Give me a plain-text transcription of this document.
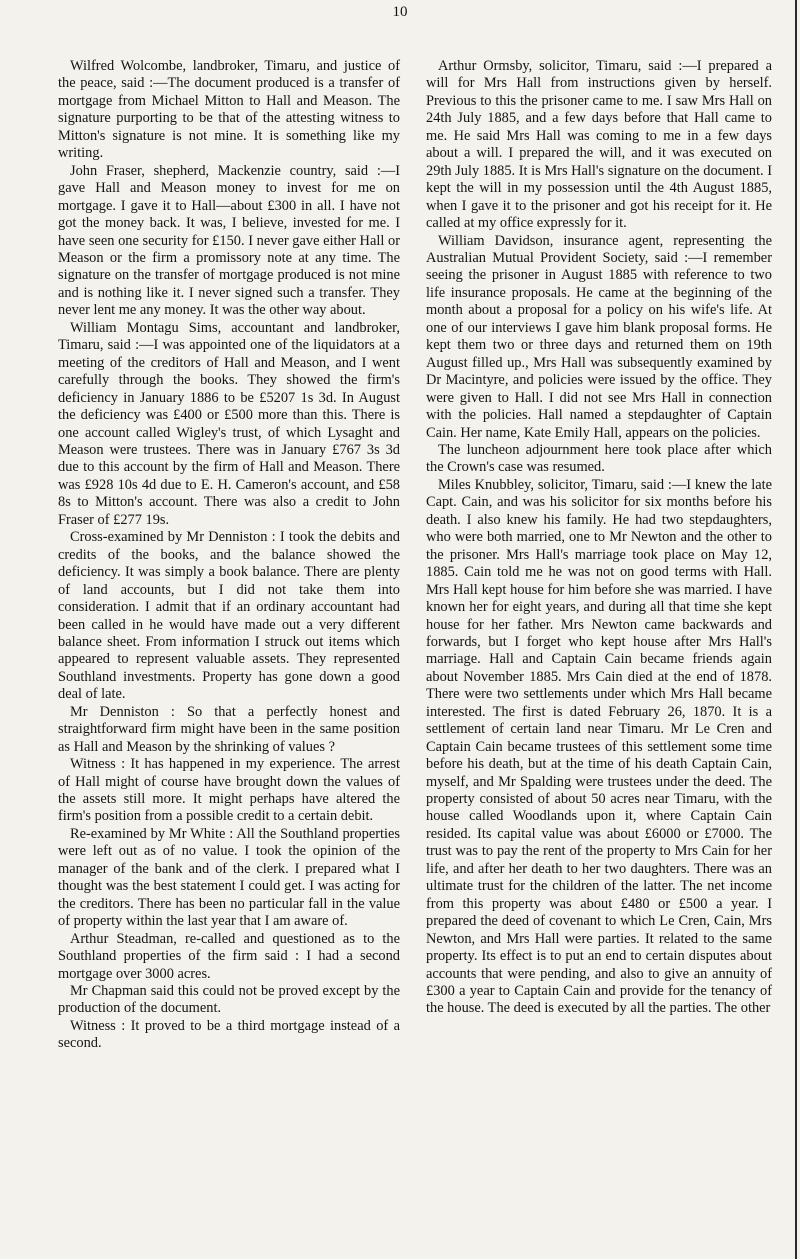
10

Wilfred Wolcombe, landbroker, Timaru, and justice of the peace, said :—The document produced is a transfer of mortgage from Michael Mitton to Hall and Meason. The signature purporting to be that of the attesting witness to Mitton's signature is not mine. It is something like my writing.

John Fraser, shepherd, Mackenzie country, said :—I gave Hall and Meason money to invest for me on mortgage. I gave it to Hall—about £300 in all. I have not got the money back. It was, I believe, invested for me. I have seen one security for £150. I never gave either Hall or Meason or the firm a promissory note at any time. The signature on the transfer of mortgage produced is not mine and is nothing like it. I never signed such a transfer. They never lent me any money. It was the other way about.

William Montagu Sims, accountant and landbroker, Timaru, said :—I was appointed one of the liquidators at a meeting of the creditors of Hall and Meason, and I went carefully through the books. They showed the firm's deficiency in January 1886 to be £5207 1s 3d. In August the deficiency was £400 or £500 more than this. There is one account called Wigley's trust, of which Lysaght and Meason were trustees. There was in January £767 3s 3d due to this account by the firm of Hall and Meason. There was £928 10s 4d due to E. H. Cameron's account, and £58 8s to Mitton's account. There was also a credit to John Fraser of £277 19s.

Cross-examined by Mr Denniston : I took the debits and credits of the books, and the balance showed the deficiency. It was simply a book balance. There are plenty of land accounts, but I did not take them into consideration. I admit that if an ordinary accountant had been called in he would have made out a very different balance sheet. From information I struck out items which appeared to represent valuable assets. They represented Southland investments. Property has gone down a good deal of late.

Mr Denniston : So that a perfectly honest and straightforward firm might have been in the same position as Hall and Meason by the shrinking of values ?

Witness : It has happened in my experience. The arrest of Hall might of course have brought down the values of the assets still more. It might perhaps have altered the firm's position from a possible credit to a certain debit.

Re-examined by Mr White : All the Southland properties were left out as of no value. I took the opinion of the manager of the bank and of the clerk. I prepared what I thought was the best statement I could get. I was acting for the creditors. There has been no particular fall in the value of property within the last year that I am aware of.

Arthur Steadman, re-called and questioned as to the Southland properties of the firm said : I had a second mortgage over 3000 acres.

Mr Chapman said this could not be proved except by the production of the document.

Witness : It proved to be a third mortgage instead of a second.

Arthur Ormsby, solicitor, Timaru, said :—I prepared a will for Mrs Hall from instructions given by herself. Previous to this the prisoner came to me. I saw Mrs Hall on 24th July 1885, and a few days before that Hall came to me. He said Mrs Hall was coming to me in a few days about a will. I prepared the will, and it was executed on 29th July 1885. It is Mrs Hall's signature on the document. I kept the will in my possession until the 4th August 1885, when I gave it to the prisoner and got his receipt for it. He called at my office expressly for it.

William Davidson, insurance agent, representing the Australian Mutual Provident Society, said :—I remember seeing the prisoner in August 1885 with reference to two life insurance proposals. He came at the beginning of the month about a proposal for a policy on his wife's life. At one of our interviews I gave him blank proposal forms. He kept them two or three days and returned them on 19th August filled up., Mrs Hall was subsequently examined by Dr Macintyre, and policies were issued by the office. They were given to Hall. I did not see Mrs Hall in connection with the policies. Hall named a stepdaughter of Captain Cain. Her name, Kate Emily Hall, appears on the policies.

The luncheon adjournment here took place after which the Crown's case was resumed.

Miles Knubbley, solicitor, Timaru, said :—I knew the late Capt. Cain, and was his solicitor for six months before his death. I also knew his family. He had two stepdaughters, who were both married, one to Mr Newton and the other to the prisoner. Mrs Hall's marriage took place on May 12, 1885. Cain told me he was not on good terms with Hall. Mrs Hall kept house for him before she was married. I have known her for eight years, and during all that time she kept house for her father. Mrs Newton came backwards and forwards, but I forget who kept house after Mrs Hall's marriage. Hall and Captain Cain became friends again about November 1885. Mrs Cain died at the end of 1878. There were two settlements under which Mrs Hall became interested. The first is dated February 26, 1870. It is a settlement of certain land near Timaru. Mr Le Cren and Captain Cain became trustees of this settlement some time before his death, but at the time of his death Captain Cain, myself, and Mr Spalding were trustees under the deed. The property consisted of about 50 acres near Timaru, with the house called Woodlands upon it, where Captain Cain resided. Its capital value was about £6000 or £7000. The trust was to pay the rent of the property to Mrs Cain for her life, and after her death to her two daughters. There was an ultimate trust for the children of the latter. The net income from this property was about £480 or £500 a year. I prepared the deed of covenant to which Le Cren, Cain, Mrs Newton, and Mrs Hall were parties. It related to the same property. Its effect is to put an end to certain disputes about accounts that were pending, and also to give an annuity of £300 a year to Captain Cain and provide for the tenancy of the house. The deed is executed by all the parties. The other
